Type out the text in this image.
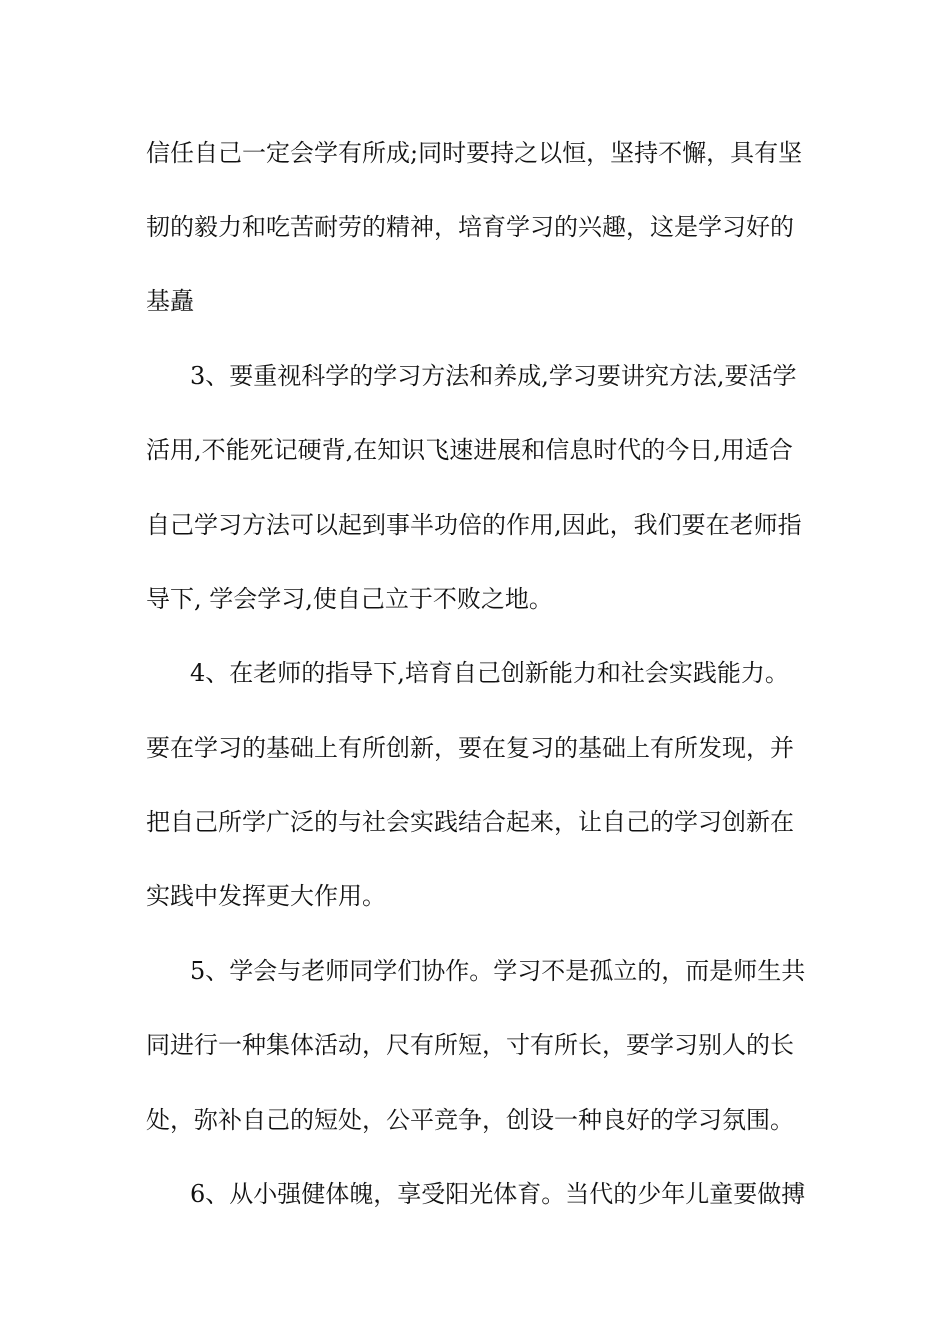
信任自己一定会学有所成;同时要持之以恒，坚持不懈，具有坚
韧的毅力和吃苦耐劳的精神，培育学习的兴趣，这是学习好的
基矗
3、要重视科学的学习方法和养成,学习要讲究方法,要活学
活用,不能死记硬背,在知识飞速进展和信息时代的今日,用适合
自己学习方法可以起到事半功倍的作用,因此，我们要在老师指
导下, 学会学习,使自己立于不败之地。
4、在老师的指导下,培育自己创新能力和社会实践能力。
要在学习的基础上有所创新，要在复习的基础上有所发现，并
把自己所学广泛的与社会实践结合起来，让自己的学习创新在
实践中发挥更大作用。
5、学会与老师同学们协作。学习不是孤立的，而是师生共
同进行一种集体活动，尺有所短，寸有所长，要学习别人的长
处，弥补自己的短处，公平竞争，创设一种良好的学习氛围。
6、从小强健体魄，享受阳光体育。当代的少年儿童要做搏
